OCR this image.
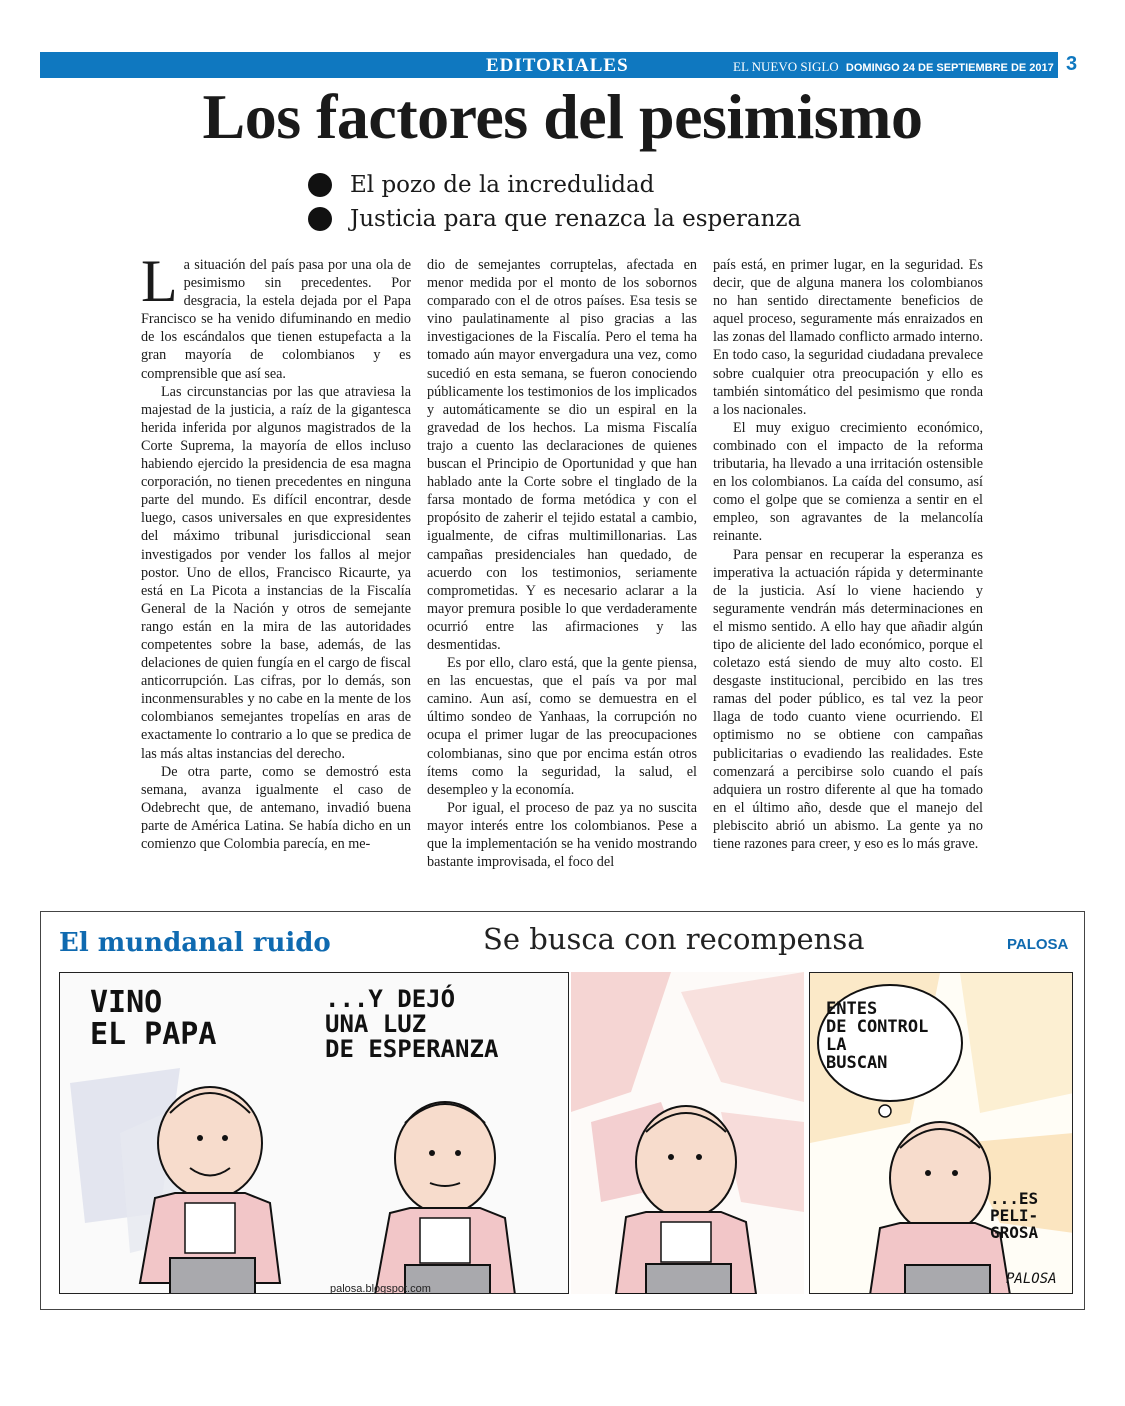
EDITORIALES	EL NUEVO SIGLO DOMINGO 24 DE SEPTIEMBRE DE 2017 3
Los factores del pesimismo
El pozo de la incredulidad
Justicia para que renazca la esperanza

La situación del país pasa por una ola de pesimismo sin precedentes. Por desgracia, la estela dejada por el Papa Francisco se ha venido difuminando en medio de los escándalos que tienen estupefacta a la gran mayoría de colombianos y es comprensible que así sea.

Las circunstancias por las que atraviesa la majestad de la justicia, a raíz de la gigantesca herida inferida por algunos magistrados de la Corte Suprema, la mayoría de ellos incluso habiendo ejercido la presidencia de esa magna corporación, no tienen precedentes en ninguna parte del mundo. Es difícil encontrar, desde luego, casos universales en que expresidentes del máximo tribunal jurisdiccional sean investigados por vender los fallos al mejor postor. Uno de ellos, Francisco Ricaurte, ya está en La Picota a instancias de la Fiscalía General de la Nación y otros de semejante rango están en la mira de las autoridades competentes sobre la base, además, de las delaciones de quien fungía en el cargo de fiscal anticorrupción. Las cifras, por lo demás, son inconmensurables y no cabe en la mente de los colombianos semejantes tropelías en aras de exactamente lo contrario a lo que se predica de las más altas instancias del derecho.

De otra parte, como se demostró esta semana, avanza igualmente el caso de Odebrecht que, de antemano, invadió buena parte de América Latina. Se había dicho en un comienzo que Colombia parecía, en me-

dio de semejantes corruptelas, afectada en menor medida por el monto de los sobornos comparado con el de otros países. Esa tesis se vino paulatinamente al piso gracias a las investigaciones de la Fiscalía. Pero el tema ha tomado aún mayor envergadura una vez, como sucedió en esta semana, se fueron conociendo públicamente los testimonios de los implicados y automáticamente se dio un espiral en la gravedad de los hechos. La misma Fiscalía trajo a cuento las declaraciones de quienes buscan el Principio de Oportunidad y que han hablado ante la Corte sobre el tinglado de la farsa montado de forma metódica y con el propósito de zaherir el tejido estatal a cambio, igualmente, de cifras multimillonarias. Las campañas presidenciales han quedado, de acuerdo con los testimonios, seriamente comprometidas. Y es necesario aclarar a la mayor premura posible lo que verdaderamente ocurrió entre las afirmaciones y las desmentidas.

Es por ello, claro está, que la gente piensa, en las encuestas, que el país va por mal camino. Aun así, como se demuestra en el último sondeo de Yanhaas, la corrupción no ocupa el primer lugar de las preocupaciones colombianas, sino que por encima están otros ítems como la seguridad, la salud, el desempleo y la economía.

Por igual, el proceso de paz ya no suscita mayor interés entre los colombianos. Pese a que la implementación se ha venido mostrando bastante improvisada, el foco del

país está, en primer lugar, en la seguridad. Es decir, que de alguna manera los colombianos no han sentido directamente beneficios de aquel proceso, seguramente más enraizados en las zonas del llamado conflicto armado interno. En todo caso, la seguridad ciudadana prevalece sobre cualquier otra preocupación y ello es también sintomático del pesimismo que ronda a los nacionales.

El muy exiguo crecimiento económico, combinado con el impacto de la reforma tributaria, ha llevado a una irritación ostensible en los colombianos. La caída del consumo, así como el golpe que se comienza a sentir en el empleo, son agravantes de la melancolía reinante.

Para pensar en recuperar la esperanza es imperativa la actuación rápida y determinante de la justicia. Así lo viene haciendo y seguramente vendrán más determinaciones en el mismo sentido. A ello hay que añadir algún tipo de aliciente del lado económico, porque el coletazo está siendo de muy alto costo. El desgaste institucional, percibido en las tres ramas del poder público, es tal vez la peor llaga de todo cuanto viene ocurriendo. El optimismo no se obtiene con campañas publicitarias o evadiendo las realidades. Este comenzará a percibirse solo cuando el país adquiera un rostro diferente al que ha tomado en el último año, desde que el manejo del plebiscito abrió un abismo. La gente ya no tiene razones para creer, y eso es lo más grave.

El mundanal ruido	Se busca con recompensa	PALOSA
VINO
EL PAPA
...Y DEJÓ
UNA LUZ
DE ESPERANZA
palosa.blogspot.com
ENTES
DE CONTROL
LA
BUSCAN
...ES
PELI-
GROSA
PALOSA
